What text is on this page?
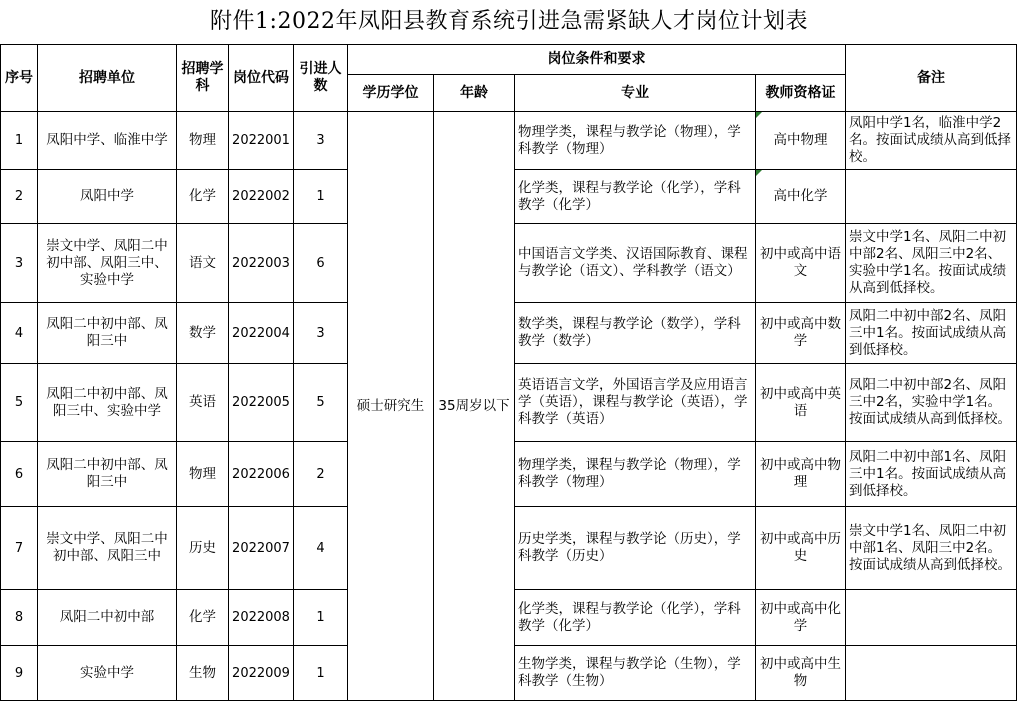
附件1:2022年凤阳县教育系统引进急需紧缺人才岗位计划表
序号	招聘单位	招聘学科	岗位代码	引进人数	岗位条件和要求				备注
					学历学位	年龄	专业	教师资格证	
1	凤阳中学、临淮中学	物理	2022001	3	硕士研究生	35周岁以下	物理学类，课程与教学论（物理），学科教学（物理）	高中物理	凤阳中学1名，临淮中学2名。按面试成绩从高到低择校。
2	凤阳中学	化学	2022002	1			化学类，课程与教学论（化学），学科教学（化学）	高中化学	
3	崇文中学、凤阳二中初中部、凤阳三中、实验中学	语文	2022003	6			中国语言文学类、汉语国际教育、课程与教学论（语文）、学科教学（语文）	初中或高中语文	崇文中学1名、凤阳二中初中部2名、凤阳三中2名、实验中学1名。按面试成绩从高到低择校。
4	凤阳二中初中部、凤阳三中	数学	2022004	3			数学类，课程与教学论（数学），学科教学（数学）	初中或高中数学	凤阳二中初中部2名、凤阳三中1名。按面试成绩从高到低择校。
5	凤阳二中初中部、凤阳三中、实验中学	英语	2022005	5			英语语言文学，外国语言学及应用语言学（英语），课程与教学论（英语），学科教学（英语）	初中或高中英语	凤阳二中初中部2名、凤阳三中2名，实验中学1名。按面试成绩从高到低择校。
6	凤阳二中初中部、凤阳三中	物理	2022006	2			物理学类，课程与教学论（物理），学科教学（物理）	初中或高中物理	凤阳二中初中部1名、凤阳三中1名。按面试成绩从高到低择校。
7	崇文中学、凤阳二中初中部、凤阳三中	历史	2022007	4			历史学类，课程与教学论（历史），学科教学（历史）	初中或高中历史	崇文中学1名、凤阳二中初中部1名、凤阳三中2名。按面试成绩从高到低择校。
8	凤阳二中初中部	化学	2022008	1			化学类，课程与教学论（化学），学科教学（化学）	初中或高中化学	
9	实验中学	生物	2022009	1			生物学类，课程与教学论（生物），学科教学（生物）	初中或高中生物	
